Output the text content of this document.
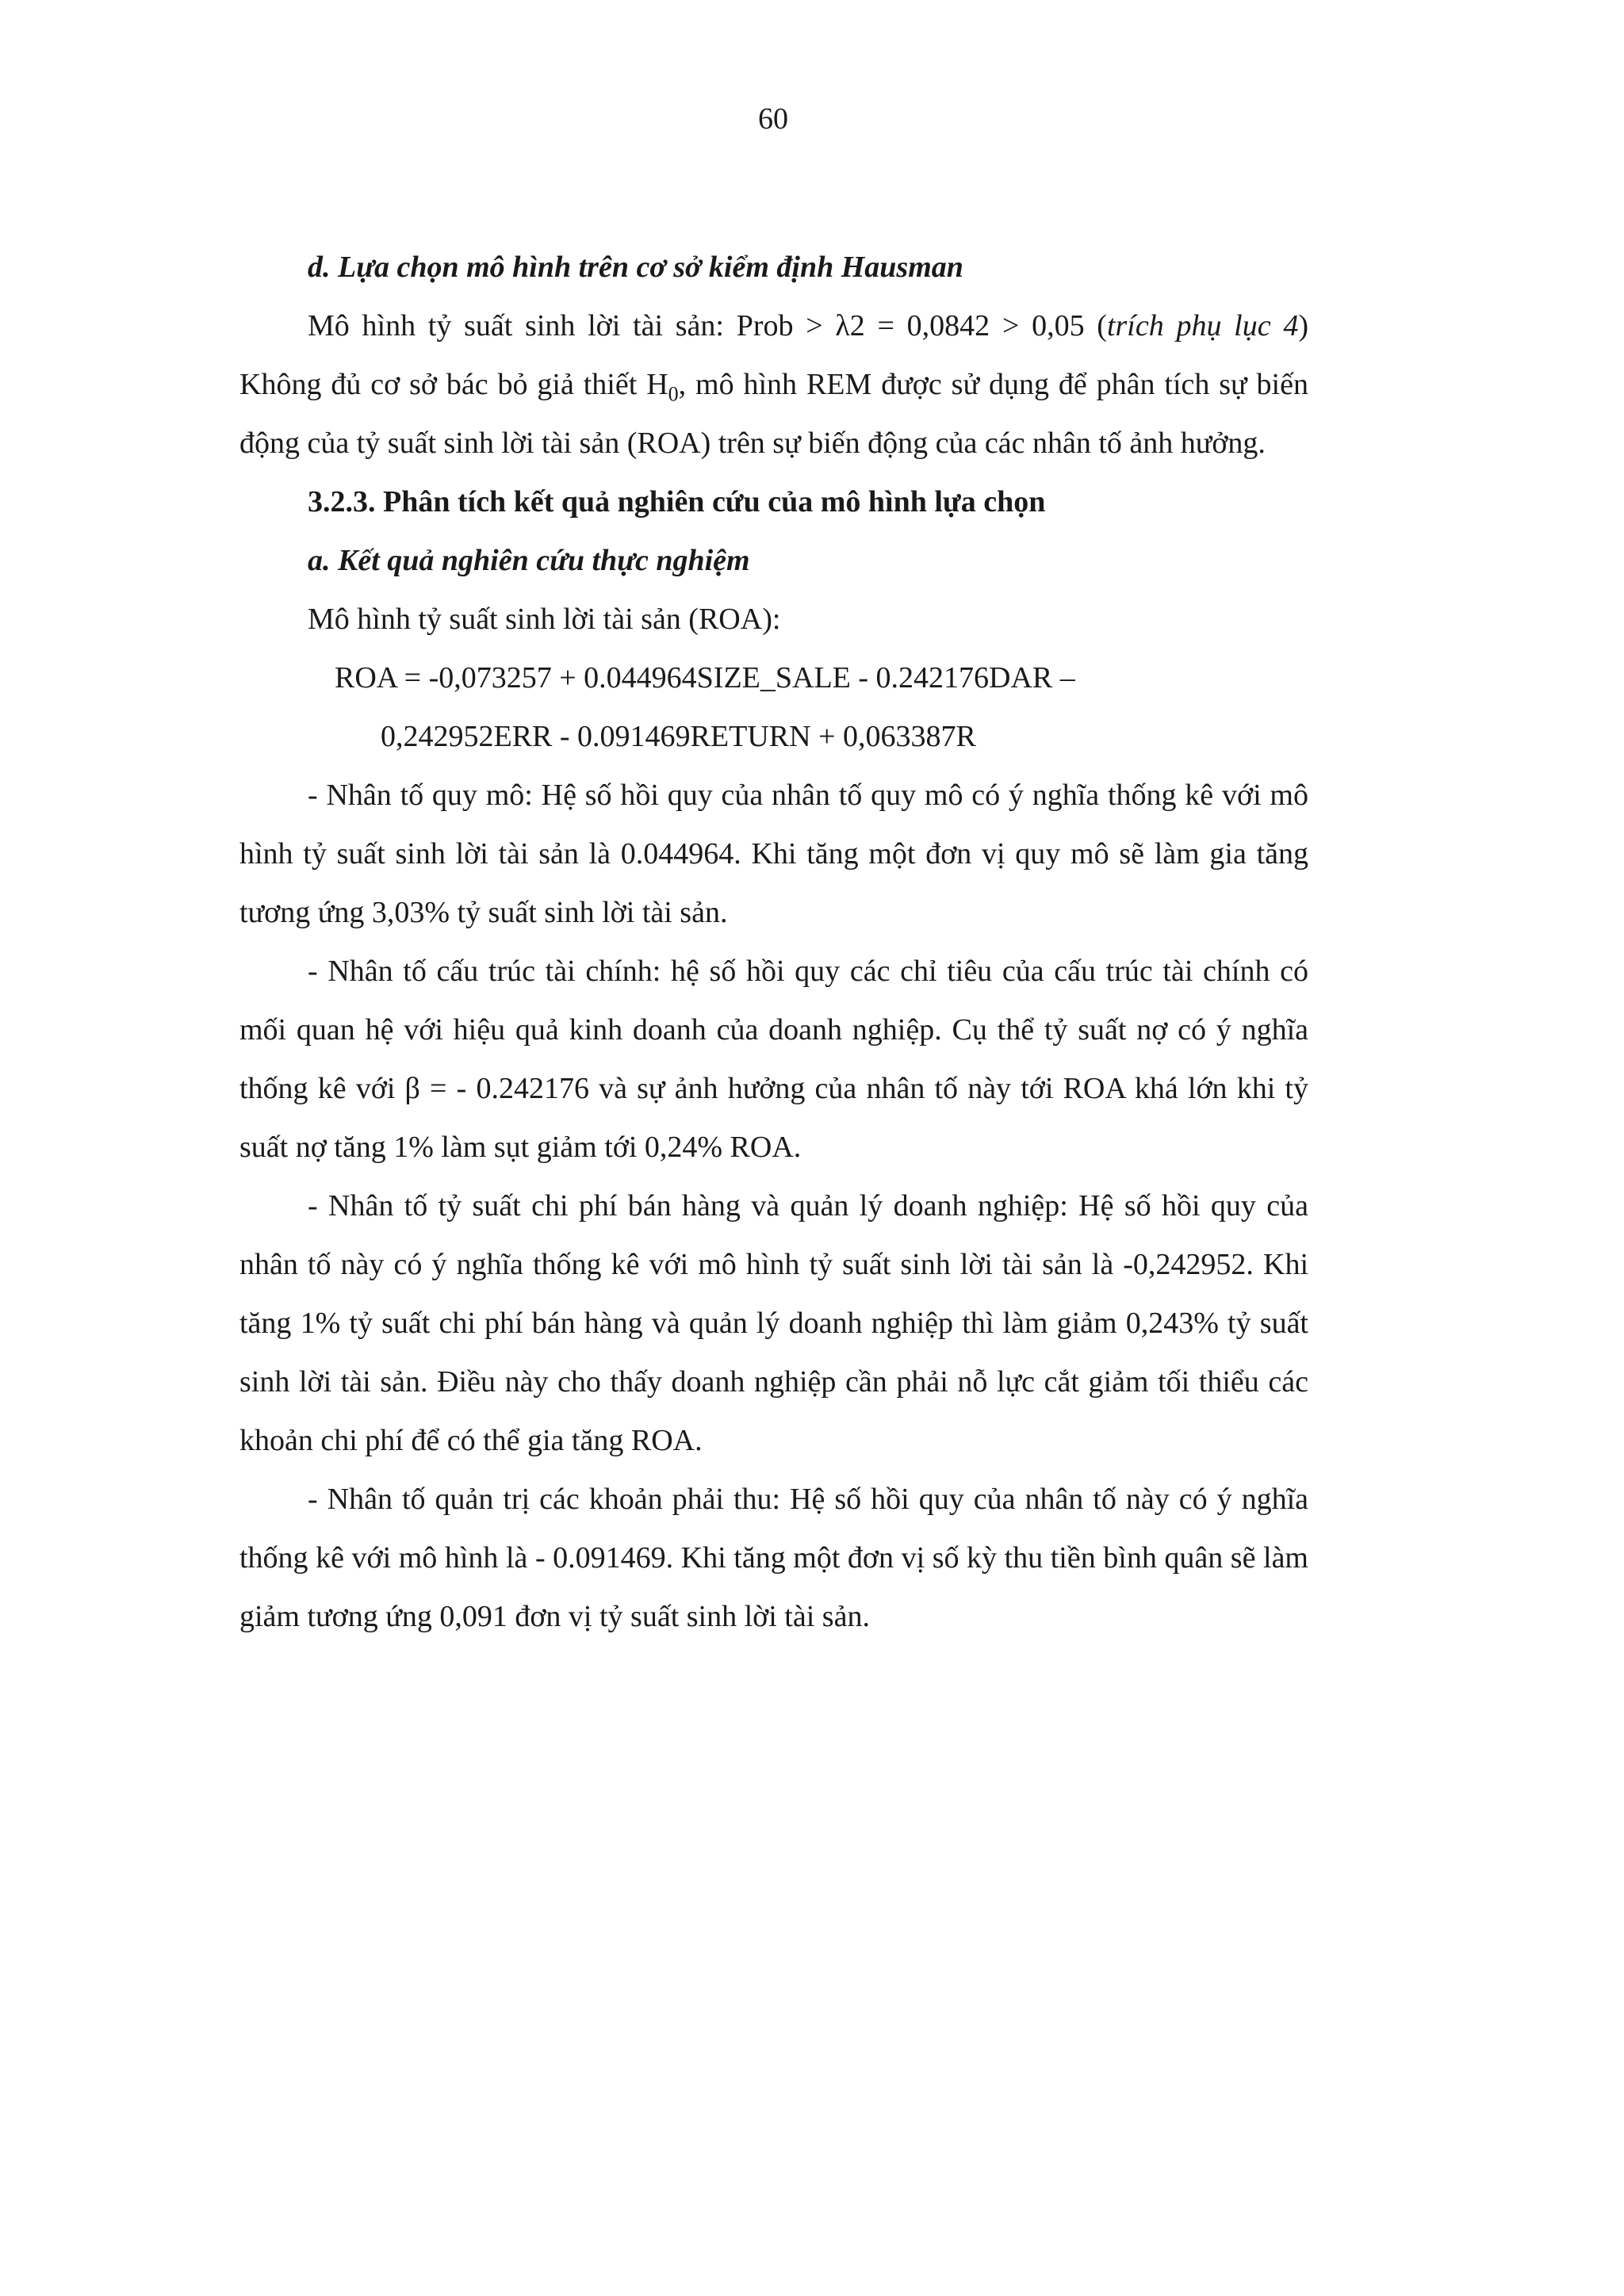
60

d. Lựa chọn mô hình trên cơ sở kiểm định Hausman

Mô hình tỷ suất sinh lời tài sản: Prob > λ2 = 0,0842 > 0,05 (trích phụ lục 4) Không đủ cơ sở bác bỏ giả thiết $H_0$, mô hình REM được sử dụng để phân tích sự biến động của tỷ suất sinh lời tài sản (ROA) trên sự biến động của các nhân tố ảnh hưởng.

3.2.3. Phân tích kết quả nghiên cứu của mô hình lựa chọn

a. Kết quả nghiên cứu thực nghiệm

Mô hình tỷ suất sinh lời tài sản (ROA):

ROA = -0,073257 + 0.044964SIZE_SALE - 0.242176DAR –

0,242952ERR - 0.091469RETURN + 0,063387R

- Nhân tố quy mô: Hệ số hồi quy của nhân tố quy mô có ý nghĩa thống kê với mô hình tỷ suất sinh lời tài sản là 0.044964. Khi tăng một đơn vị quy mô sẽ làm gia tăng tương ứng 3,03% tỷ suất sinh lời tài sản.

- Nhân tố cấu trúc tài chính: hệ số hồi quy các chỉ tiêu của cấu trúc tài chính có mối quan hệ với hiệu quả kinh doanh của doanh nghiệp. Cụ thể tỷ suất nợ có ý nghĩa thống kê với β = - 0.242176 và sự ảnh hưởng của nhân tố này tới ROA khá lớn khi tỷ suất nợ tăng 1% làm sụt giảm tới 0,24% ROA.

- Nhân tố tỷ suất chi phí bán hàng và quản lý doanh nghiệp: Hệ số hồi quy của nhân tố này có ý nghĩa thống kê với mô hình tỷ suất sinh lời tài sản là -0,242952. Khi tăng 1% tỷ suất chi phí bán hàng và quản lý doanh nghiệp thì làm giảm 0,243% tỷ suất sinh lời tài sản. Điều này cho thấy doanh nghiệp cần phải nỗ lực cắt giảm tối thiểu các khoản chi phí để có thể gia tăng ROA.

- Nhân tố quản trị các khoản phải thu: Hệ số hồi quy của nhân tố này có ý nghĩa thống kê với mô hình là - 0.091469. Khi tăng một đơn vị số kỳ thu tiền bình quân sẽ làm giảm tương ứng 0,091 đơn vị tỷ suất sinh lời tài sản.
